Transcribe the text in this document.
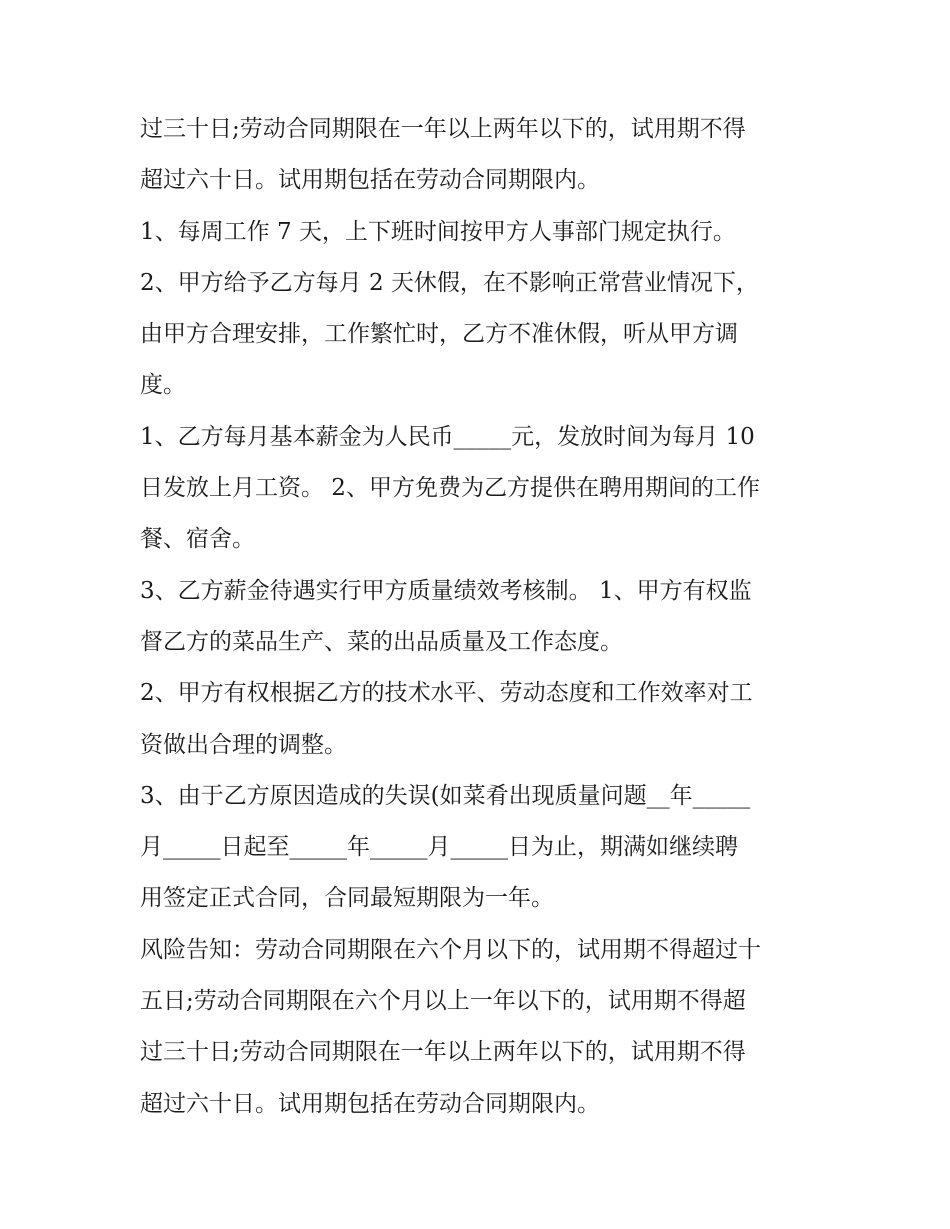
过三十日;劳动合同期限在一年以上两年以下的，试用期不得
超过六十日。试用期包括在劳动合同期限内。

1、每周工作 7 天，上下班时间按甲方人事部门规定执行。

2、甲方给予乙方每月 2 天休假，在不影响正常营业情况下，
由甲方合理安排，工作繁忙时，乙方不准休假，听从甲方调
度。

1、乙方每月基本薪金为人民币_____元，发放时间为每月 10
日发放上月工资。 2、甲方免费为乙方提供在聘用期间的工作
餐、宿舍。

3、乙方薪金待遇实行甲方质量绩效考核制。 1、甲方有权监
督乙方的菜品生产、菜的出品质量及工作态度。

2、甲方有权根据乙方的技术水平、劳动态度和工作效率对工
资做出合理的调整。

3、由于乙方原因造成的失误(如菜肴出现质量问题__年_____
月_____日起至_____年_____月_____日为止，期满如继续聘
用签定正式合同，合同最短期限为一年。

风险告知：劳动合同期限在六个月以下的，试用期不得超过十
五日;劳动合同期限在六个月以上一年以下的，试用期不得超
过三十日;劳动合同期限在一年以上两年以下的，试用期不得
超过六十日。试用期包括在劳动合同期限内。
